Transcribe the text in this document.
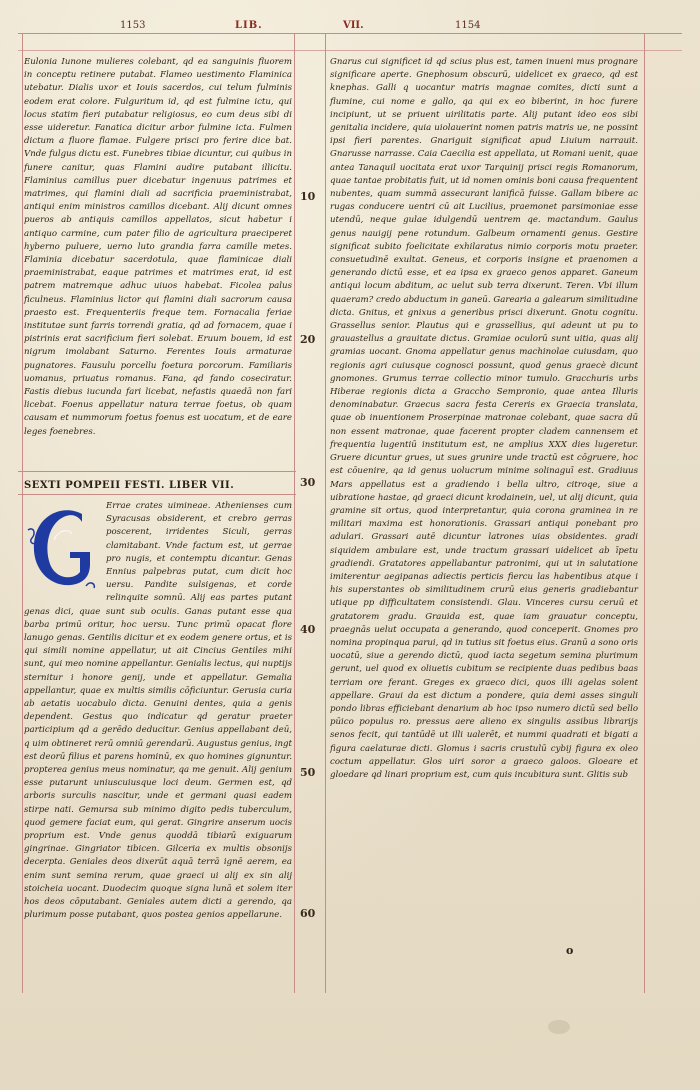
1153	LIB.	VII.	1154

Eulonia Iunone mulieres colebant, qd ea sanguinis fluorem in conceptu retinere putabat. Flameo uestimento Flaminica utebatur. Dialis uxor et Iouis sacerdos, cui telum fulminis eodem erat colore. Fulguritum id, qd est fulmine ictu, qui locus statim fieri putabatur religiosus, eo cum deus sibi di esse uideretur. Fanatica dicitur arbor fulmine icta. Fulmen dictum a fluore flamae. Fulgere prisci pro ferire dice bat. Vnde fulgus dictu est. Funebres tibiae dicuntur, cui quibus in funere canitur, quas Flamini audire putabant illicitu. Flaminius camillus puer dicebatur ingenuus patrimes et matrimes, qui flamini diali ad sacrificia praeministrabat, antiqui enim ministros camillos dicebant. Alij dicunt omnes pueros ab antiquis camillos appellatos, sicut habetur i antiquo carmine, cum pater filio de agricultura praeciperet hyberno puluere, uerno luto grandia farra camille metes. Flaminia dicebatur sacerdotula, quae flaminicae diali praeministrabat, eaque patrimes et matrimes erat, id est patrem matremque adhuc uiuos habebat. Ficolea palus ficulneus. Flaminius lictor qui flamini diali sacrorum causa praesto est. Frequenteriis freque tem. Fornacalia feriae institutae sunt farris torrendi gratia, qd ad fornacem, quae i pistrinis erat sacrificium fieri solebat. Eruum bouem, id est nigrum imolabant Saturno. Ferentes Iouis armaturae pugnatores. Fausulu porcellu foetura porcorum. Familiaris uomanus, priuatus romanus. Fana, qd fando coseciratur. Fastis diebus iucunda fari licebat, nefastis quaedā non fari licebat. Foenus appellatur natura terrae foetus, ob quam causam et nummorum foetus foenus est uocatum, et de eare leges foenebres.

SEXTI POMPEII FESTI. LIBER VII.
G

Errae crates uimineae. Athenienses cum Syracusas obsiderent, et crebro gerras poscerent, irridentes Siculi, gerras clamitabant. Vnde factum est, ut gerrae pro nugis, et contemptu dicantur. Genas Ennius palpebras putat, cum dicit hoc uersu. Pandite sulsigenas, et corde relinquite somnū. Alij eas partes putant genas dici, quae sunt sub oculis. Ganas putant esse qua barba primū oritur, hoc uersu. Tunc primū opacat flore lanugo genas. Gentilis dicitur et ex eodem genere ortus, et is qui simili nomine appellatur, ut ait Cincius Gentiles mihi sunt, qui meo nomine appellantur. Genialis lectus, qui nuptijs sternitur i honore genij, unde et appellatur. Gemalia appellantur, quae ex multis similis cōficiuntur. Gerusia curia ab aetatis uocabulo dicta. Genuini dentes, quia a genis dependent. Gestus quo indicatur qd geratur praeter participium qd a gerēdo deducitur. Genius appellabant deū, q uim obtineret rerū omniū gerendarū. Augustus genius, ingt est deorū filius et parens hominū, ex quo homines gignuntur. propterea genius meus nominatur, qa me genuit. Alij genium esse putarunt uniuscuiusque loci deum. Germen est, qd arboris surculis nascitur, unde et germani quasi eadem stirpe nati. Gemursa sub minimo digito pedis tuberculum, quod gemere faciat eum, qui gerat. Gingrire anserum uocis proprium est. Vnde genus quoddā tibiarū exiguarum gingrinae. Gingriator tibicen. Gilceria ex multis obsonijs decerpta. Geniales deos dixerūt aquā terrā ignē aerem, ea enim sunt semina rerum, quae graeci ui alij ex sin alij stoicheia uocant. Duodecim quoque signa lunā et solem iter hos deos cōputabant. Geniales autem dicti a gerendo, qa plurimum posse putabant, quos postea genios appellarune.

Gnarus cui significet id qd scius plus est, tamen inueni mus prognare significare aperte. Gnephosum obscurū, uidelicet ex graeco, qd est knephas. Galli q uocantur matris magnae comites, dicti sunt a flumine, cui nome e gallo, qa qui ex eo biberint, in hoc furere incipiunt, ut se priuent uirilitatis parte. Alij putant ideo eos sibi genitalia incidere, quia uiolauerint nomen patris matris ue, ne possint ipsi fieri parentes. Gnariguit significat apud Liuium narrauit. Gnarusse narrasse. Caia Caecilia est appellata, ut Romani uenit, quae antea Tanaquil uocitata erat uxor Tarquinij prisci regis Romanorum, quae tantae probitatis fuit, ut id nomen ominis boni causa frequentent nubentes, quam summā assecurant lanificā fuisse. Gallam bibere ac rugas conducere uentri cū ait Lucilius, praemonet parsimoniae esse utendū, neque gulae idulgendū uentrem qe. mactandum. Gaulus genus nauigij pene rotundum. Galbeum ornamenti genus. Gestire significat subito foelicitate exhilaratus nimio corporis motu praeter. consuetudinē exultat. Geneus, et corporis insigne et praenomen a generando dictū esse, et ea ipsa ex graeco genos apparet. Ganeum antiqui locum abditum, ac uelut sub terra dixerunt. Teren. Vbi illum quaeram? credo abductum in ganeū. Garearia a galearum similitudine dicta. Gnitus, et gnixus a generibus prisci dixerunt. Gnotu cognitu. Grassellus senior. Plautus qui e grassellius, qui adeunt ut pu to grauastellus a grauitate dictus. Gramiae oculorū sunt uitia, quas alij gramias uocant. Gnoma appellatur genus machinolae cuiusdam, quo regionis agri cuiusque cognosci possunt, quod genus graecè dicunt gnomones. Grumus terrae collectio minor tumulo. Gracchuris urbs Hiberae regionis dicta a Graccho Sempronio, quae antea Illuris denominabatur. Graecus sacra festa Cereris ex Graecia translata, quae ob inuentionem Proserpinae matronae colebant, quae sacra dū non essent matronae, quae facerent propter cladem cannensem et frequentia lugentiū institutum est, ne amplius XXX dies lugeretur. Gruere dicuntur grues, ut sues grunire unde tractū est cōgruere, hoc est cōuenire, qa id genus uolucrum minime solinaguī est. Gradiuus Mars appellatus est a gradiendo i bella ultro, citroqe, siue a uibratione hastae, qd graeci dicunt krodainein, uel, ut alij dicunt, quia gramine sit ortus, quod interpretantur, quia corona graminea in re militari maxima est honorationis. Grassari antiqui ponebant pro adulari. Grassari autē dicuntur latrones uias obsidentes. gradi siquidem ambulare est, unde tractum grassari uidelicet ab īpetu gradiendi. Gratatores appellabantur patronimi, qui ut in salutatione imiterentur aegipanas adiectis perticis fiercu las habentibus atque i his superstantes ob similitudinem crurū eius generis gradiebantur utique pp difficultatem consistendi. Glau. Vinceres cursu ceruū et gratatorem gradu. Grauida est, quae iam grauatur conceptu, praegnās uelut occupata a generando, quod conceperit. Gnomes pro nomina propinqua parui, qd in tutius sit foetus eius. Granū a sono oris uocatū, siue a gerendo dictū, quod iacta segetum semina plurimum gerunt, uel quod ex oliuetis cubitum se recipiente duas pedibus baas terriam ore ferant. Greges ex graeco dici, quos illi agelas solent appellare. Graui da est dictum a pondere, quia demi asses singuli pondo libras efficiebant denarium ab hoc ipso numero dictū sed bello pūico populus ro. pressus aere alieno ex singulis assibus librarijs senos fecit, qui tantūdē ut illi ualerēt, et nummi quadrati et bigati a figura caelaturae dicti. Glomus i sacris crustulū cybij figura ex oleo coctum appellatur. Glos uiri soror a graeco galoos. Gloeare et gloedare qd linari proprium est, cum quis incubitura sunt. Glitis sub

10
20
30
40
50
60
o
